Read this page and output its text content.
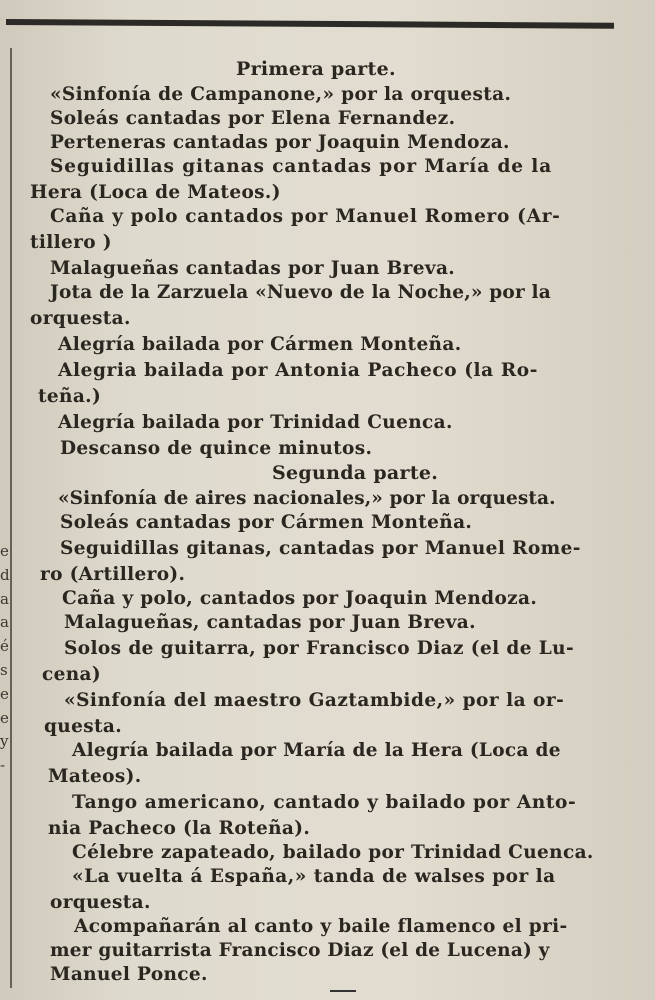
e
d
a
a
é
s
e
e
y
-
Primera parte.
«Sinfonía de Campanone,» por la orquesta.
Soleás cantadas por Elena Fernandez.
Perteneras cantadas por Joaquin Mendoza.
Seguidillas gitanas cantadas por María de la
Hera (Loca de Mateos.)
Caña y polo cantados por Manuel Romero (Ar-
tillero )
Malagueñas cantadas por Juan Breva.
Jota de la Zarzuela «Nuevo de la Noche,» por la
orquesta.
Alegría bailada por Cármen Monteña.
Alegria bailada por Antonia Pacheco (la Ro-
teña.)
Alegría bailada por Trinidad Cuenca.
Descanso de quince minutos.
Segunda parte.
«Sinfonía de aires nacionales,» por la orquesta.
Soleás cantadas por Cármen Monteña.
Seguidillas gitanas, cantadas por Manuel Rome-
ro (Artillero).
Caña y polo, cantados por Joaquin Mendoza.
Malagueñas, cantadas por Juan Breva.
Solos de guitarra, por Francisco Diaz (el de Lu-
cena)
«Sinfonía del maestro Gaztambide,» por la or-
questa.
Alegría bailada por María de la Hera (Loca de
Mateos).
Tango americano, cantado y bailado por Anto-
nia Pacheco (la Roteña).
Célebre zapateado, bailado por Trinidad Cuenca.
«La vuelta á España,» tanda de walses por la
orquesta.
Acompañarán al canto y baile flamenco el pri-
mer guitarrista Francisco Diaz (el de Lucena) y
Manuel Ponce.
